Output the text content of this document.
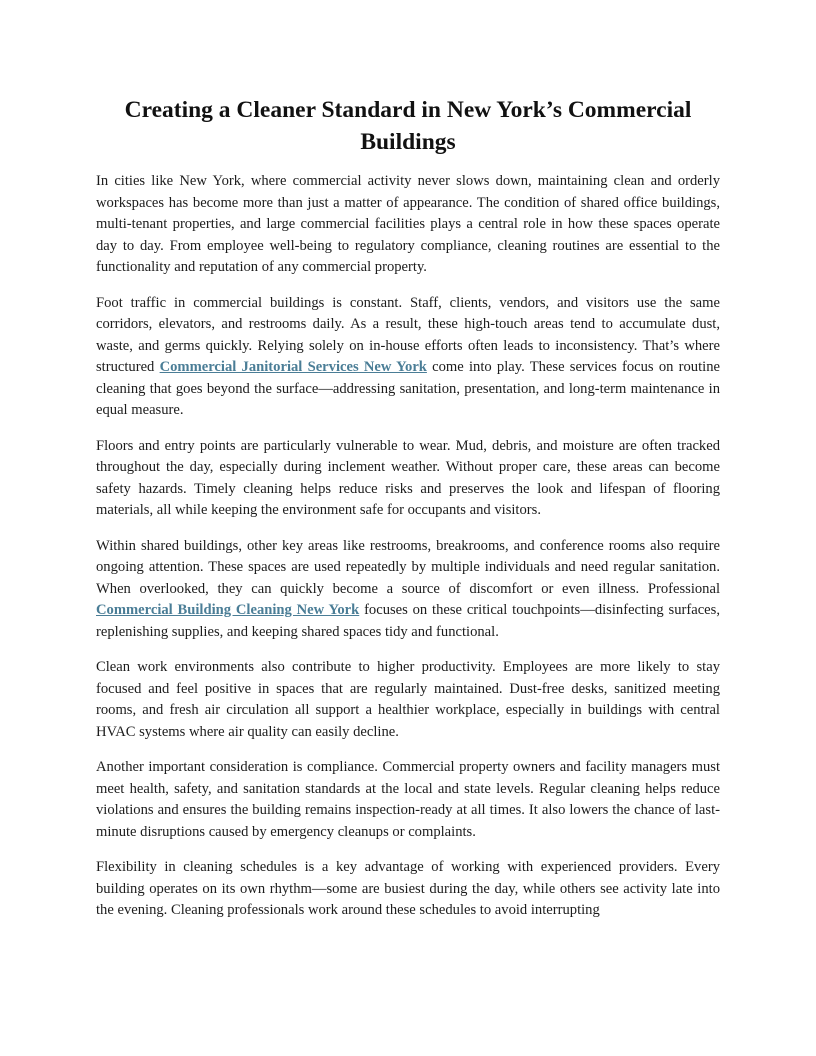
Creating a Cleaner Standard in New York’s Commercial Buildings

In cities like New York, where commercial activity never slows down, maintaining clean and orderly workspaces has become more than just a matter of appearance. The condition of shared office buildings, multi-tenant properties, and large commercial facilities plays a central role in how these spaces operate day to day. From employee well-being to regulatory compliance, cleaning routines are essential to the functionality and reputation of any commercial property.

Foot traffic in commercial buildings is constant. Staff, clients, vendors, and visitors use the same corridors, elevators, and restrooms daily. As a result, these high-touch areas tend to accumulate dust, waste, and germs quickly. Relying solely on in-house efforts often leads to inconsistency. That’s where structured Commercial Janitorial Services New York come into play. These services focus on routine cleaning that goes beyond the surface—addressing sanitation, presentation, and long-term maintenance in equal measure.

Floors and entry points are particularly vulnerable to wear. Mud, debris, and moisture are often tracked throughout the day, especially during inclement weather. Without proper care, these areas can become safety hazards. Timely cleaning helps reduce risks and preserves the look and lifespan of flooring materials, all while keeping the environment safe for occupants and visitors.

Within shared buildings, other key areas like restrooms, breakrooms, and conference rooms also require ongoing attention. These spaces are used repeatedly by multiple individuals and need regular sanitation. When overlooked, they can quickly become a source of discomfort or even illness. Professional Commercial Building Cleaning New York focuses on these critical touchpoints—disinfecting surfaces, replenishing supplies, and keeping shared spaces tidy and functional.

Clean work environments also contribute to higher productivity. Employees are more likely to stay focused and feel positive in spaces that are regularly maintained. Dust-free desks, sanitized meeting rooms, and fresh air circulation all support a healthier workplace, especially in buildings with central HVAC systems where air quality can easily decline.

Another important consideration is compliance. Commercial property owners and facility managers must meet health, safety, and sanitation standards at the local and state levels. Regular cleaning helps reduce violations and ensures the building remains inspection-ready at all times. It also lowers the chance of last-minute disruptions caused by emergency cleanups or complaints.

Flexibility in cleaning schedules is a key advantage of working with experienced providers. Every building operates on its own rhythm—some are busiest during the day, while others see activity late into the evening. Cleaning professionals work around these schedules to avoid interrupting
